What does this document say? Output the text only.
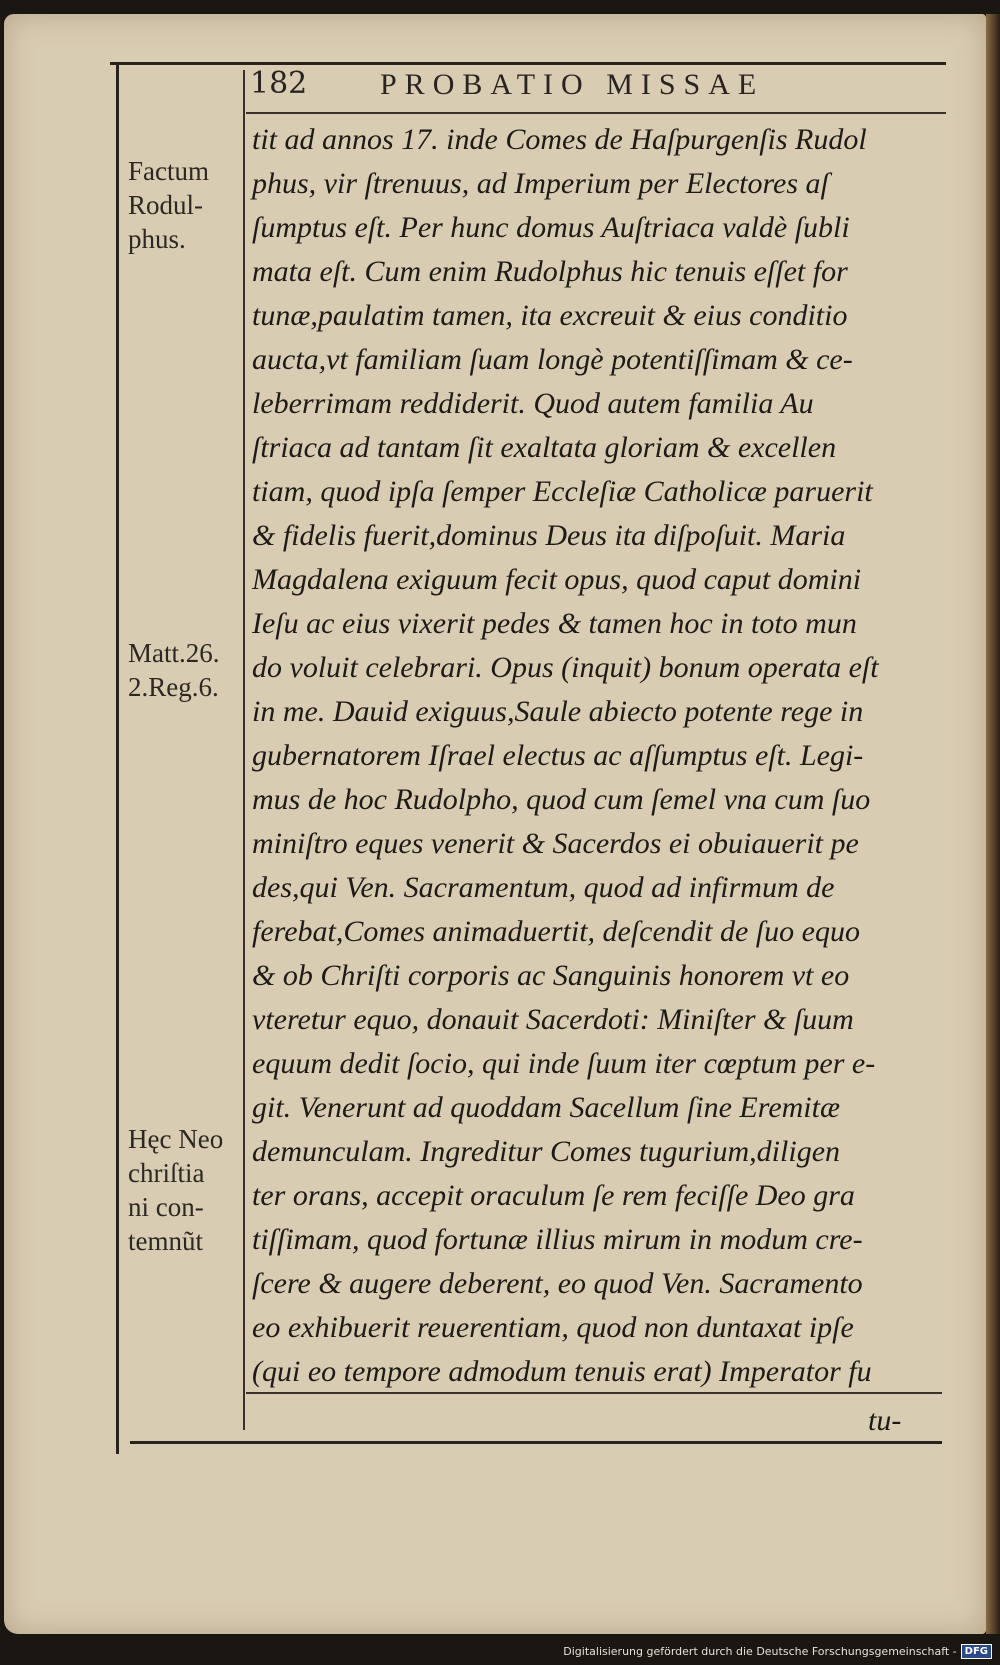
182 PROBATIO MISSAE
tit ad annos 17. inde Comes de Haſpurgenſis Rudol
phus, vir ſtrenuus, ad Imperium per Electores aſ
ſumptus eſt. Per hunc domus Auſtriaca valdè ſubli
mata eſt. Cum enim Rudolphus hic tenuis eſſet for
tunæ,paulatim tamen, ita excreuit & eius conditio
aucta,vt familiam ſuam longè potentiſſimam & ce-
leberrimam reddiderit. Quod autem familia Au
ſtriaca ad tantam ſit exaltata gloriam & excellen
tiam, quod ipſa ſemper Eccleſiæ Catholicæ paruerit
& fidelis fuerit,dominus Deus ita diſpoſuit. Maria
Magdalena exiguum fecit opus, quod caput domini
Ieſu ac eius vixerit pedes & tamen hoc in toto mun
do voluit celebrari. Opus (inquit) bonum operata eſt
in me. Dauid exiguus,Saule abiecto potente rege in
gubernatorem Iſrael electus ac aſſumptus eſt. Legi-
mus de hoc Rudolpho, quod cum ſemel vna cum ſuo
miniſtro eques venerit & Sacerdos ei obuiauerit pe
des,qui Ven. Sacramentum, quod ad infirmum de
ferebat,Comes animaduertit, deſcendit de ſuo equo
& ob Chriſti corporis ac Sanguinis honorem vt eo
vteretur equo, donauit Sacerdoti: Miniſter & ſuum
equum dedit ſocio, qui inde ſuum iter cœptum per e-
git. Venerunt ad quoddam Sacellum ſine Eremitæ
demunculam. Ingreditur Comes tugurium,diligen
ter orans, accepit oraculum ſe rem feciſſe Deo gra
tiſſimam, quod fortunæ illius mirum in modum cre-
ſcere & augere deberent, eo quod Ven. Sacramento
eo exhibuerit reuerentiam, quod non duntaxat ipſe
(qui eo tempore admodum tenuis erat) Imperator fu
Factum
Rodul-
phus.
Matt.26.
2.Reg.6.
Hęc Neo
chriſtia
ni con-
temnũt
tu-
Digitalisierung gefördert durch die Deutsche Forschungsgemeinschaft - DFG
